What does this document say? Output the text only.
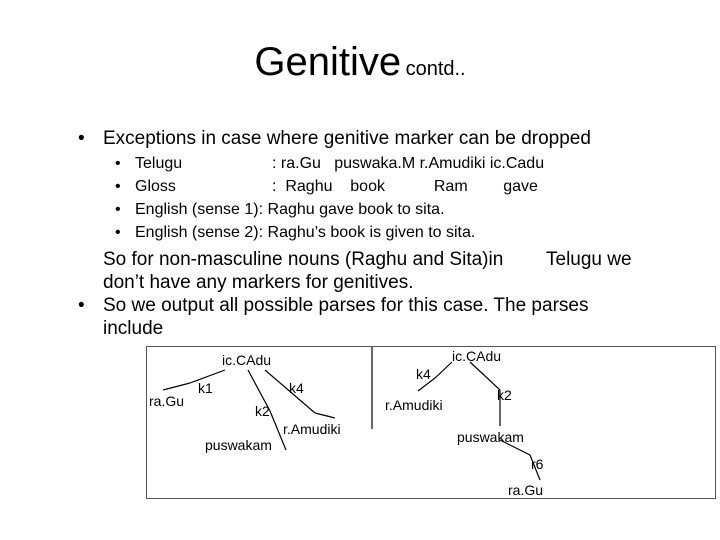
Genitive contd..
• Exceptions in case where genitive marker can be dropped
• Telugu	: ra.Gu   puswaka.M r.Amudiki ic.Cadu
• Gloss	:  Raghu    book           Ram        gave
• English (sense 1): Raghu gave book to sita.
• English (sense 2): Raghu’s book is given to sita.
So for non-masculine nouns (Raghu and Sita)in Telugu we
don’t have any markers for genitives.
• So we output all possible parses for this case. The parses
include
ic.CAdu
k1	k4
ra.Gu
k2
r.Amudiki
puswakam
ic.CAdu
k4
k2
r.Amudiki
puswakam
r6
ra.Gu
